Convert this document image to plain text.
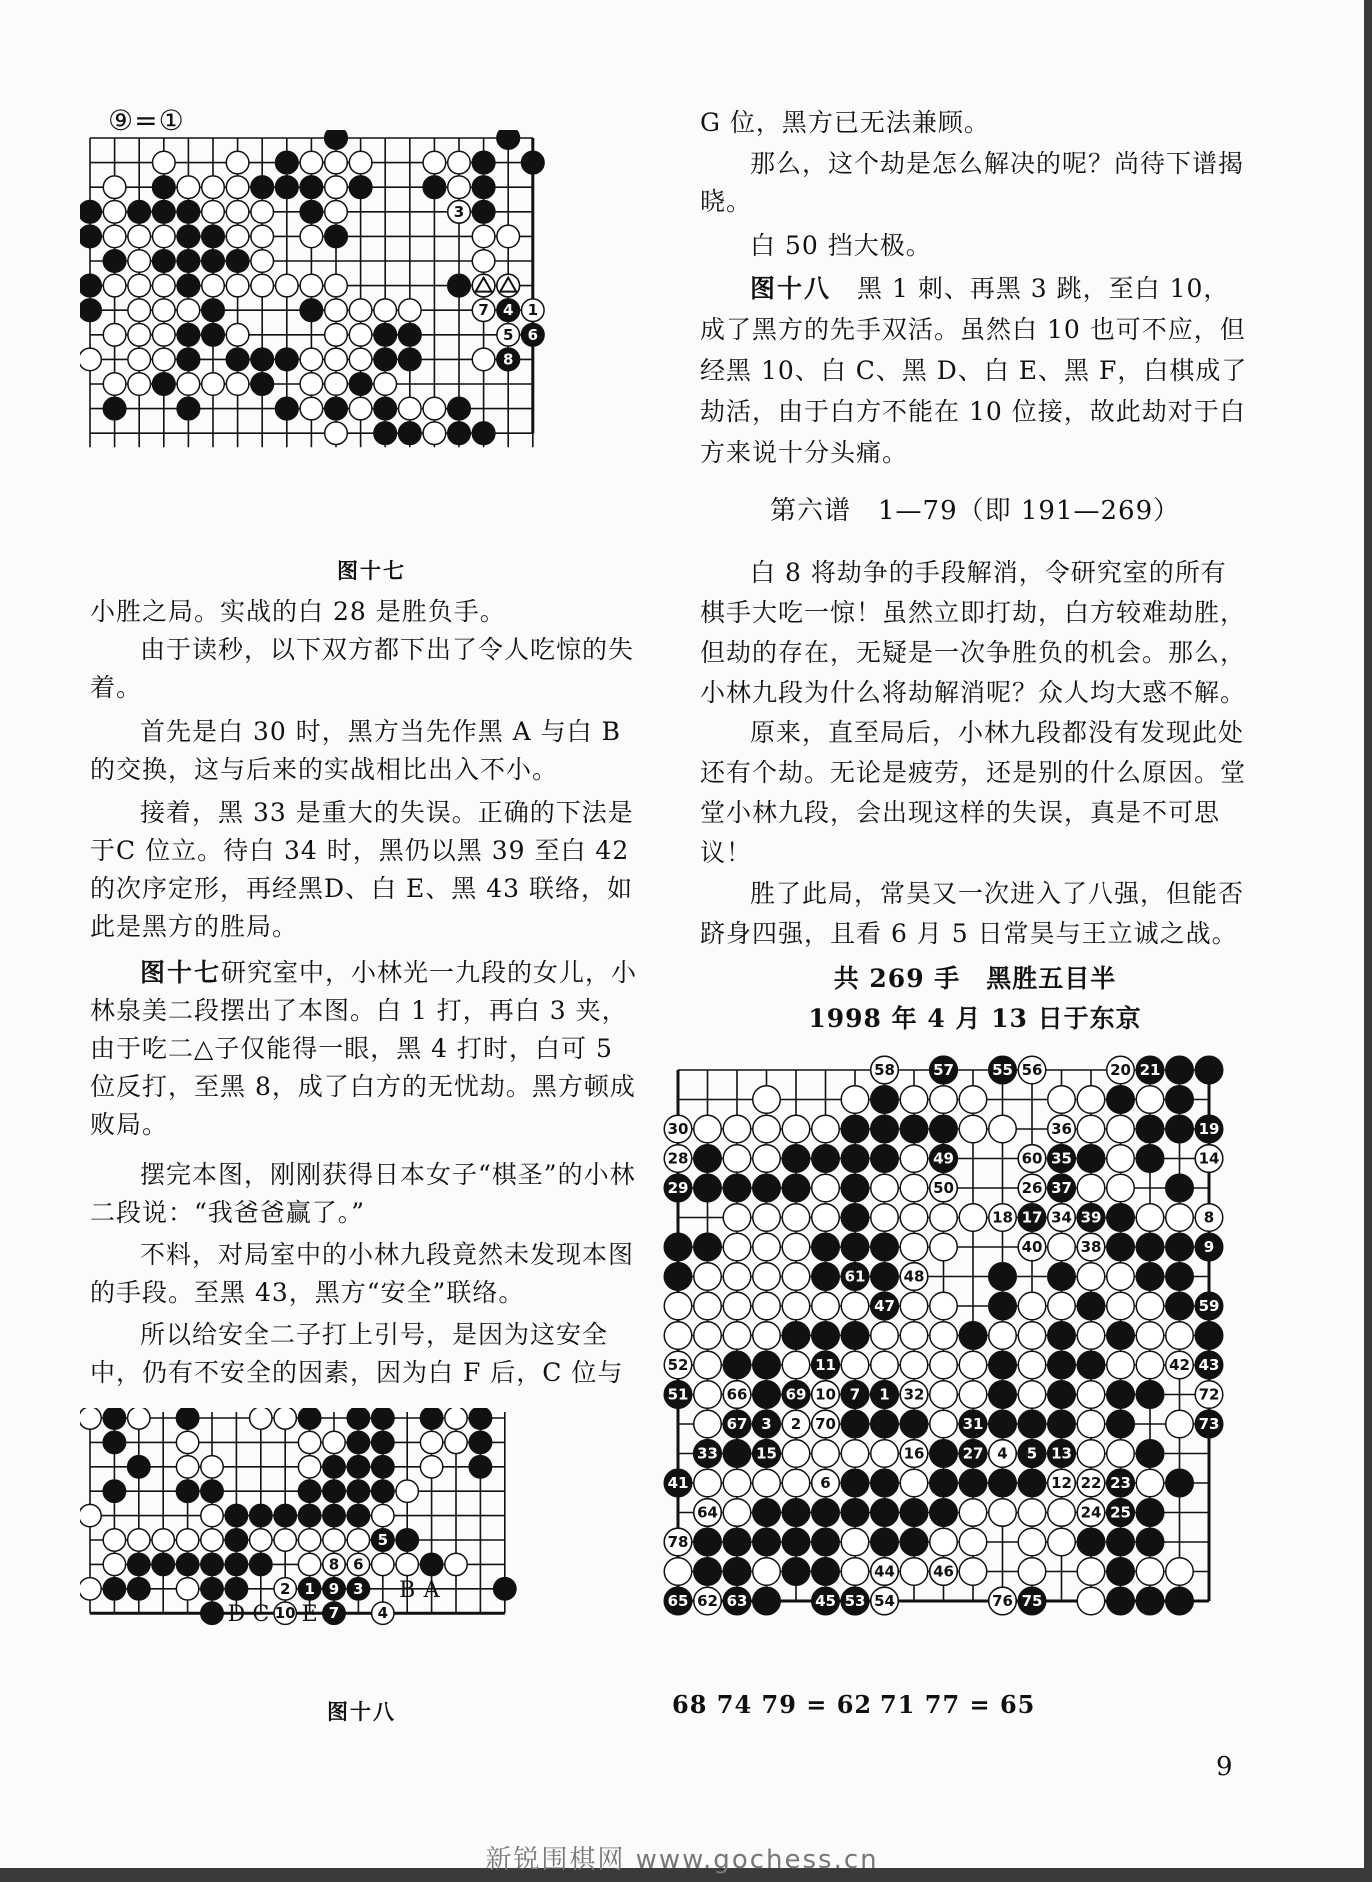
⑨=①
3
7 4 1
5 6
8
图十七

小胜之局。实战的白 28 是胜负手。

由于读秒，以下双方都下出了令人吃惊的失着。

首先是白 30 时，黑方当先作黑 A 与白 B 的交换，这与后来的实战相比出入不小。

接着，黑 33 是重大的失误。正确的下法是于C 位立。待白 34 时，黑仍以黑 39 至白 42 的次序定形，再经黑D、白 E、黑 43 联络，如此是黑方的胜局。

图十七研究室中，小林光一九段的女儿，小林泉美二段摆出了本图。白 1 打，再白 3 夹，由于吃二△子仅能得一眼，黑 4 打时，白可 5 位反打，至黑 8，成了白方的无忧劫。黑方顿成败局。

摆完本图，刚刚获得日本女子“棋圣”的小林二段说：“我爸爸赢了。”

不料，对局室中的小林九段竟然未发现本图的手段。至黑 43，黑方“安全”联络。

所以给安全二子打上引号，是因为这安全中，仍有不安全的因素，因为白 F 后，C 位与

5
8 6
2 1 9 3
10 7	4
F	B A
D C E
图十八

G 位，黑方已无法兼顾。

那么，这个劫是怎么解决的呢？尚待下谱揭晓。

白 50 挡大极。

图十八　 黑 1 刺、再黑 3 跳，至白 10，成了黑方的先手双活。虽然白 10 也可不应，但经黑 10、白 C、黑 D、白 E、黑 F，白棋成了劫活，由于白方不能在 10 位接，故此劫对于白方来说十分头痛。

第六谱　1—79（即 191—269）

白 8 将劫争的手段解消，令研究室的所有棋手大吃一惊！虽然立即打劫，白方较难劫胜，但劫的存在，无疑是一次争胜负的机会。那么，小林九段为什么将劫解消呢？众人均大惑不解。

原来，直至局后，小林九段都没有发现此处还有个劫。无论是疲劳，还是别的什么原因。堂堂小林九段，会出现这样的失误，真是不可思议！

胜了此局，常昊又一次进入了八强，但能否跻身四强，且看 6 月 5 日常昊与王立诚之战。

共 269 手　黑胜五目半
1998 年 4 月 13 日于东京
58	57	55 56	20 21
30	36	19
28	49	60 35	14
29	50	26 37
18 17 34 39	8
40	38	9
61	48
47	59
52	11	42 43
51	66	69 10 7 1 32	72
67 3 2 70	31	73
33	15	16	27 4 5 13
41	6	12 22 23
64	24 25
78
44	46
65 62 63	45 53 54	76 75
68 74 79 = 62 71 77 = 65
9
新锐围棋网 www.gochess.cn
